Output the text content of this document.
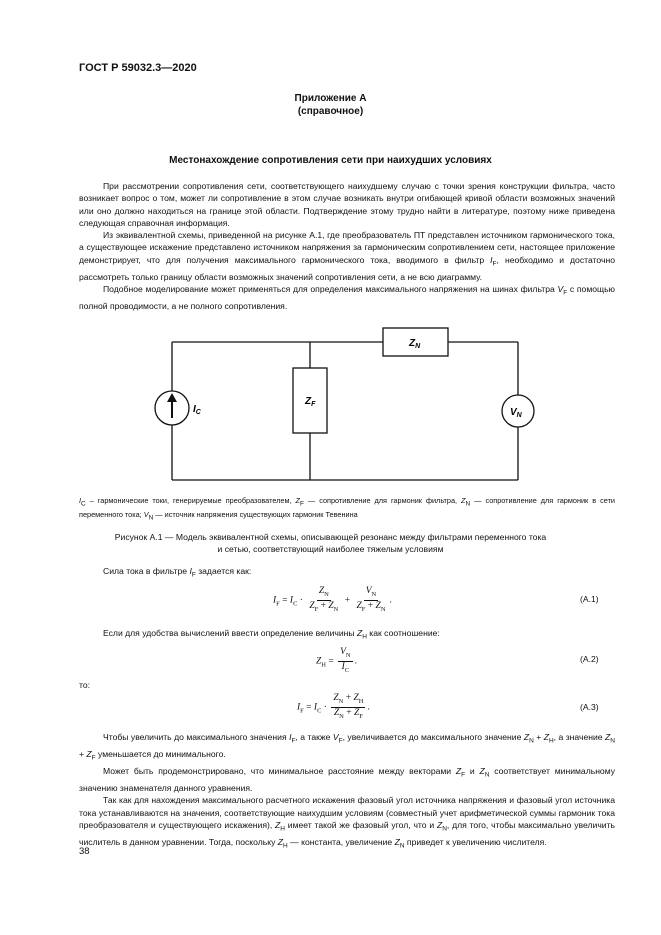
ГОСТ Р 59032.3—2020
Приложение А
(справочное)
Местонахождение сопротивления сети при наихудших условиях

При рассмотрении сопротивления сети, соответствующего наихудшему случаю с точки зрения конструкции фильтра, часто возникает вопрос о том, может ли сопротивление в этом случае возникать внутри огибающей кривой области возможных значений или оно должно находиться на границе этой области. Подтверждение этому трудно найти в литературе, поэтому ниже приведена следующая справочная информация.

Из эквивалентной схемы, приведенной на рисунке А.1, где преобразователь ПТ представлен источником гармонического тока, а существующее искажение представлено источником напряжения за гармоническим сопротивлением сети, настоящее приложение демонстрирует, что для получения максимального гармонического тока, вводимого в фильтр $I_F$, необходимо и достаточно рассмотреть только границу области возможных значений сопротивления сети, а не всю диаграмму.

Подобное моделирование может применяться для определения максимального напряжения на шинах фильтра $V_F$ с помощью полной проводимости, а не полного сопротивления.

$I_C$
$Z_F$
$Z_N$
$V_N$

$I_C$ – гармонические токи, генерируемые преобразователем, $Z_F$ — сопротивление для гармоник фильтра, $Z_N$ — сопротивление для гармоник в сети переменного тока; $V_N$ — источник напряжения существующих гармоник Тевенина

Рисунок А.1 — Модель эквивалентной схемы, описывающей резонанс между фильтрами переменного тока
и сетью, соответствующий наиболее тяжелым условиям
Сила тока в фильтре $I_F$ задается как:
$I_F = I_C \cdot \frac{Z_N}{Z_F + Z_N} + \frac{V_N}{Z_F + Z_N}$ .	(А.1)
Если для удобства вычислений ввести определение величины $Z_H$ как соотношение:
$Z_H = \frac{V_N}{I_C}$ .	(А.2)
то:
$I_F = I_C \cdot \frac{Z_N + Z_H}{Z_N + Z_F}$ .	(А.3)

Чтобы увеличить до максимального значения $I_F$, а также $V_F$, увеличивается до максимального значение $Z_N + Z_H$, а значение $Z_N + Z_F$ уменьшается до минимального.

Может быть продемонстрировано, что минимальное расстояние между векторами $Z_F$ и $Z_N$ соответствует минимальному значению знаменателя данного уравнения.

Так как для нахождения максимального расчетного искажения фазовый угол источника напряжения и фазовый угол источника тока устанавливаются на значения, соответствующие наихудшим условиям (совместный учет арифметической суммы гармоник тока преобразователя и существующего искажения), $Z_H$ имеет такой же фазовый угол, что и $Z_N$, для того, чтобы максимально увеличить числитель в данном уравнении. Тогда, поскольку $Z_H$ — константа, увеличение $Z_N$ приведет к увеличению числителя.

38
